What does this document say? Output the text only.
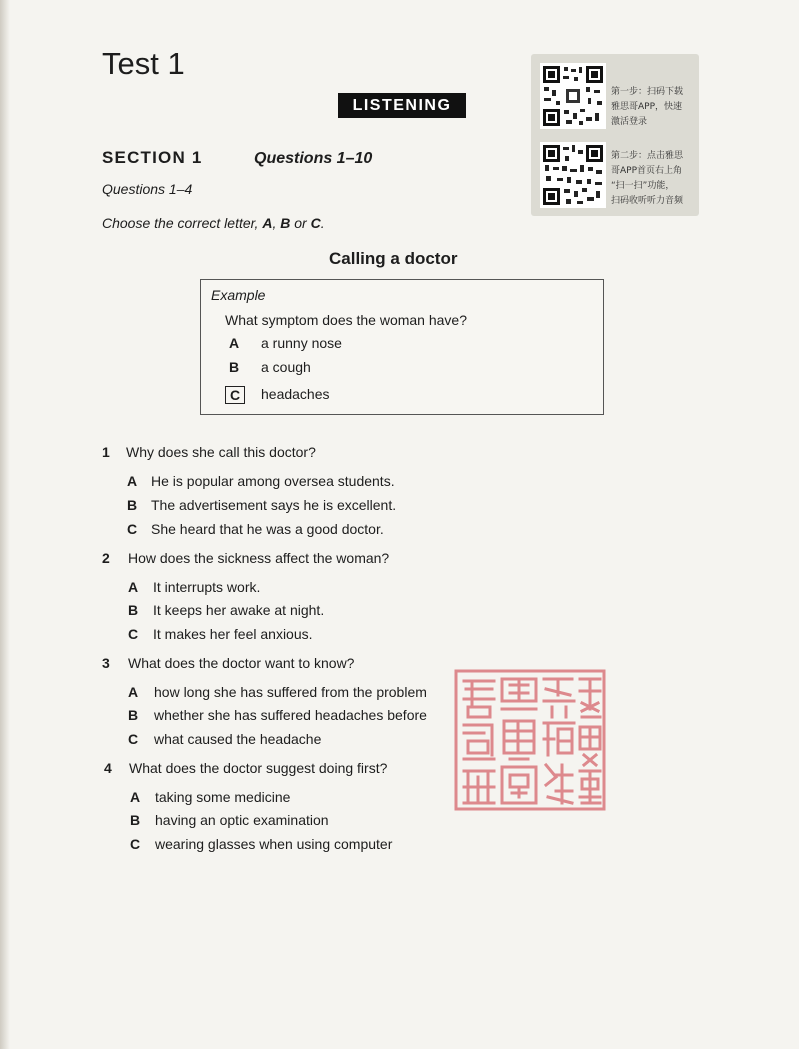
Test 1
LISTENING
SECTION 1	Questions 1–10
Questions 1–4
Choose the correct letter, A, B or C.
第一步：扫码下载
雅思哥APP，快速
激活登录
第二步：点击雅思
哥APP首页右上角
“扫一扫”功能，
扫码收听听力音频
Calling a doctor
Example
What symptom does the woman have?
A a runny nose
B a cough
C	headaches
1 Why does she call this doctor?
A He is popular among oversea students.
B The advertisement says he is excellent.
C She heard that he was a good doctor.
2 How does the sickness affect the woman?
A It interrupts work.
B It keeps her awake at night.
C It makes her feel anxious.
3 What does the doctor want to know?
A how long she has suffered from the problem
B whether she has suffered headaches before
C what caused the headache
4 What does the doctor suggest doing first?
A taking some medicine
B having an optic examination
C wearing glasses when using computer
